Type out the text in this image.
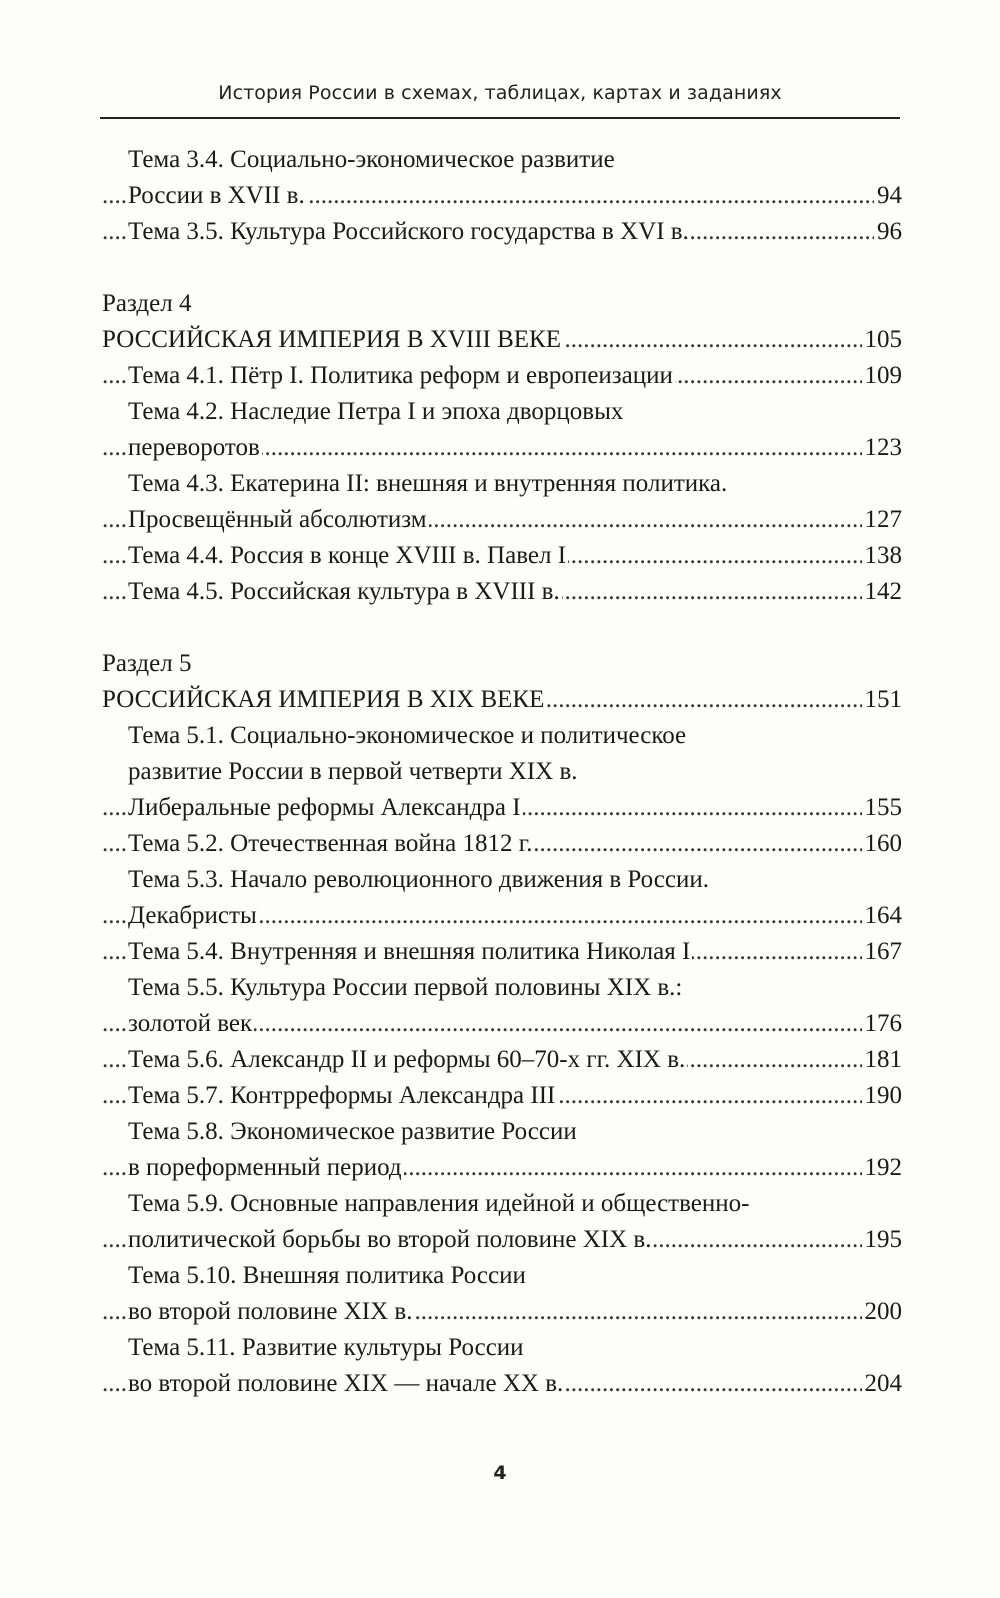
История России в схемах, таблицах, картах и заданиях
Тема 3.4. Социально-экономическое развитие
..... России в XVII в.	94
..... Тема 3.5. Культура Российского государства в XVI в.	96
Раздел 4
..... РОССИЙСКАЯ ИМПЕРИЯ В XVIII ВЕКЕ	105
..... Тема 4.1. Пётр I. Политика реформ и европеизации	109
Тема 4.2. Наследие Петра I и эпоха дворцовых
..... переворотов	123
Тема 4.3. Екатерина II: внешняя и внутренняя политика.
..... Просвещённый абсолютизм	127
..... Тема 4.4. Россия в конце XVIII в. Павел I	138
..... Тема 4.5. Российская культура в XVIII в.	142
Раздел 5
..... РОССИЙСКАЯ ИМПЕРИЯ В XIX ВЕКЕ	151
Тема 5.1. Социально-экономическое и политическое
развитие России в первой четверти XIX в.
..... Либеральные реформы Александра I	155
..... Тема 5.2. Отечественная война 1812 г.	160
Тема 5.3. Начало революционного движения в России.
..... Декабристы	164
..... Тема 5.4. Внутренняя и внешняя политика Николая I	167
Тема 5.5. Культура России первой половины XIX в.:
..... золотой век	176
..... Тема 5.6. Александр II и реформы 60–70-х гг. XIX в.	181
..... Тема 5.7. Контрреформы Александра III	190
Тема 5.8. Экономическое развитие России
..... в пореформенный период	192
Тема 5.9. Основные направления идейной и общественно-
..... политической борьбы во второй половине XIX в.	195
Тема 5.10. Внешняя политика России
..... во второй половине XIX в.	200
Тема 5.11. Развитие культуры России
..... во второй половине XIX — начале XX в.	204
4
